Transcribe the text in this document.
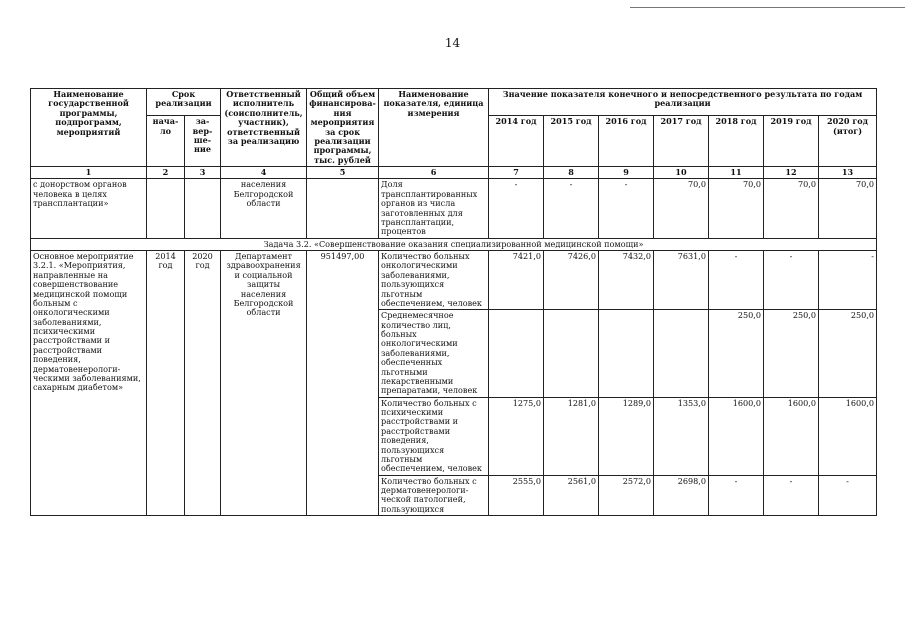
14
Наименование государственной программы, подпрограмм, мероприятий	Срок реализации		Ответственный исполнитель (соисполнитель, участник), ответственный за реализацию	Общий объем финансирова-ния мероприятия за срок реализации программы, тыс. рублей	Наименование показателя, единица измерения	Значение показателя конечного и непосредственного результата по годам реализации						
	нача-ло	за-вер-ше-ние				2014 год	2015 год	2016 год	2017 год	2018 год	2019 год	2020 год (итог)
1	2	3	4	5	6	7	8	9	10	11	12	13
с донорством органов человека в целях трансплантации»			населения Белгородской области		Доля трансплантированных органов из числа заготовленных для трансплантации, процентов	-	-	-	70,0	70,0	70,0	70,0
Задача 3.2. «Совершенствование оказания специализированной медицинской помощи»												
Основное мероприятие 3.2.1. «Мероприятия, направленные на совершенствование медицинской помощи больным с онкологическими заболеваниями, психическими расстройствами и расстройствами поведения, дерматовенерологи-ческими заболеваниями, сахарным диабетом»	2014 год	2020 год	Департамент здравоохранения и социальной защиты населения Белгородской области	951497,00	Количество больных онкологическими заболеваниями, пользующихся льготным обеспечением, человек	7421,0	7426,0	7432,0	7631,0	-	-	-
					Среднемесячное количество лиц, больных онкологическими заболеваниями, обеспеченных льготными лекарственными препаратами, человек					250,0	250,0	250,0
					Количество больных с психическими расстройствами и расстройствами поведения, пользующихся льготным обеспечением, человек	1275,0	1281,0	1289,0	1353,0	1600,0	1600,0	1600,0
					Количество больных с дерматовенерологи-ческой патологией, пользующихся	2555,0	2561,0	2572,0	2698,0	-	-	-
